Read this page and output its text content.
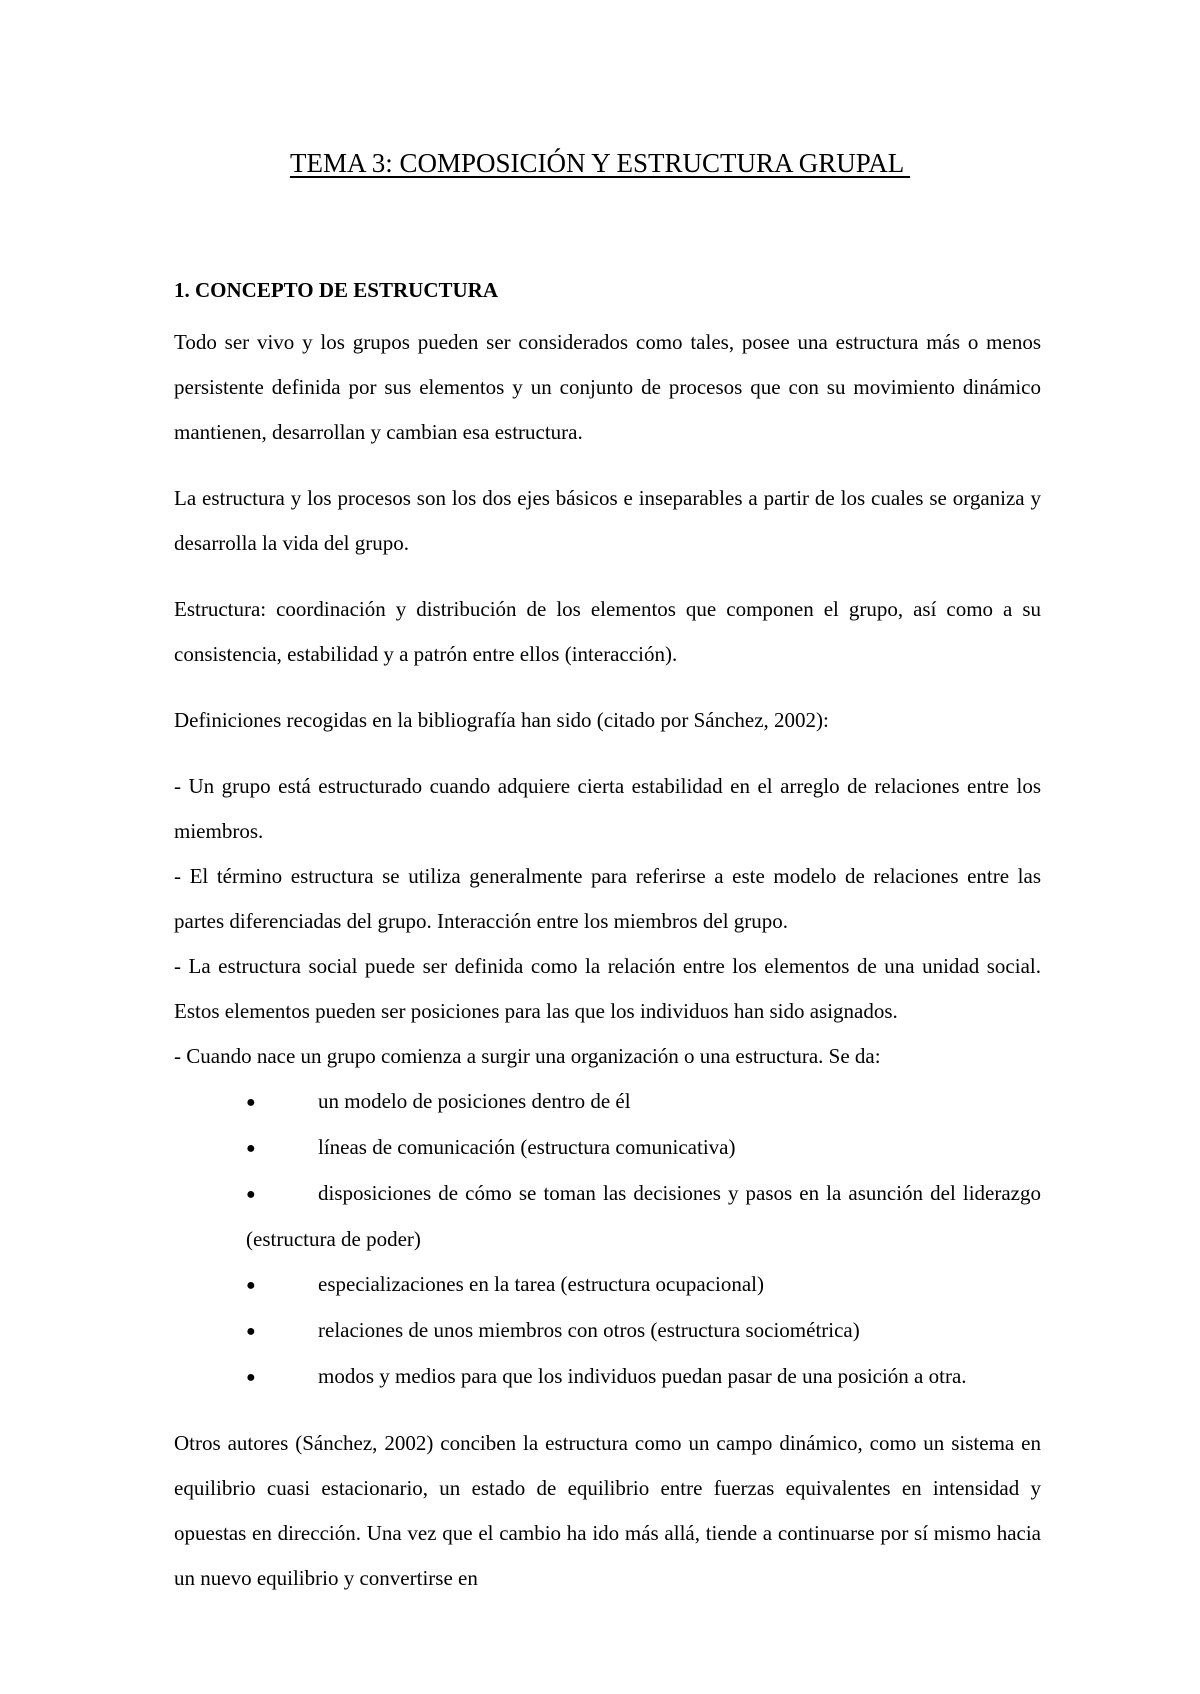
TEMA 3: COMPOSICIÓN Y ESTRUCTURA GRUPAL

1. CONCEPTO DE ESTRUCTURA

Todo ser vivo y los grupos pueden ser considerados como tales, posee una estructura más o menos persistente definida por sus elementos y un conjunto de procesos que con su movimiento dinámico mantienen, desarrollan y cambian esa estructura.

La estructura y los procesos son los dos ejes básicos e inseparables a partir de los cuales se organiza y desarrolla la vida del grupo.

Estructura: coordinación y distribución de los elementos que componen el grupo, así como a su consistencia, estabilidad y a patrón entre ellos (interacción).

Definiciones recogidas en la bibliografía han sido (citado por Sánchez, 2002):

- Un grupo está estructurado cuando adquiere cierta estabilidad en el arreglo de relaciones entre los miembros.

- El término estructura se utiliza generalmente para referirse a este modelo de relaciones entre las partes diferenciadas del grupo. Interacción entre los miembros del grupo.

- La estructura social puede ser definida como la relación entre los elementos de una unidad social. Estos elementos pueden ser posiciones para las que los individuos han sido asignados.

- Cuando nace un grupo comienza a surgir una organización o una estructura. Se da:

●	un modelo de posiciones dentro de él
●	líneas de comunicación (estructura comunicativa)
●	disposiciones de cómo se toman las decisiones y pasos en la asunción del liderazgo (estructura de poder)
●	especializaciones en la tarea (estructura ocupacional)
●	relaciones de unos miembros con otros (estructura sociométrica)
●	modos y medios para que los individuos puedan pasar de una posición a otra.

Otros autores (Sánchez, 2002) conciben la estructura como un campo dinámico, como un sistema en equilibrio cuasi estacionario, un estado de equilibrio entre fuerzas equivalentes en intensidad y opuestas en dirección. Una vez que el cambio ha ido más allá, tiende a continuarse por sí mismo hacia un nuevo equilibrio y convertirse en
